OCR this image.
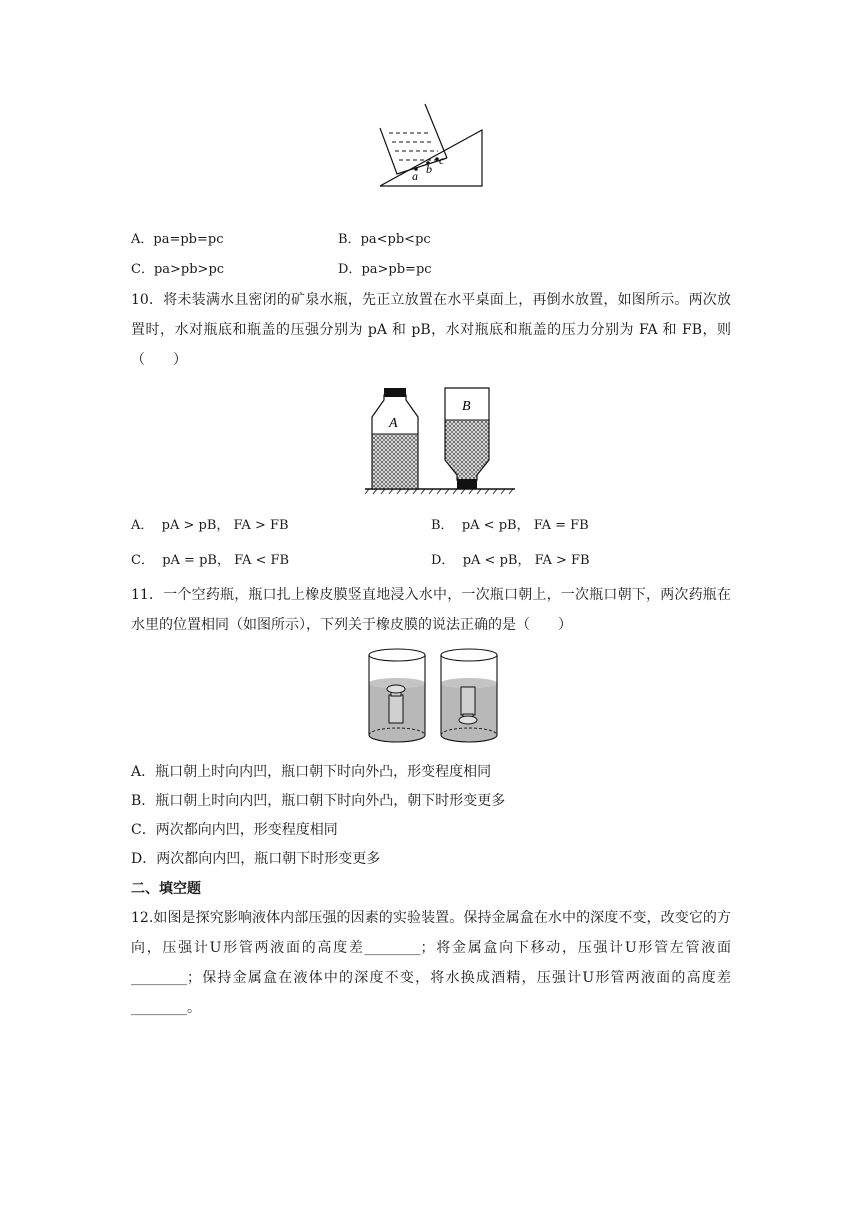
a b
c
A．pa=pb=pc	B．pa<pb<pc
C．pa>pb>pc	D．pa>pb=pc
10．将未装满水且密闭的矿泉水瓶，先正立放置在水平桌面上，再倒水放置，如图所示。两次放置时，水对瓶底和瓶盖的压强分别为 pA 和 pB，水对瓶底和瓶盖的压力分别为 FA 和 FB，则（　　）
A
B
A． pA > pB， FA > FB	B． pA < pB， FA = FB
C． pA = pB， FA < FB	D． pA < pB， FA > FB
11．一个空药瓶，瓶口扎上橡皮膜竖直地浸入水中，一次瓶口朝上，一次瓶口朝下，两次药瓶在水里的位置相同（如图所示），下列关于橡皮膜的说法正确的是（　　）
A．瓶口朝上时向内凹，瓶口朝下时向外凸，形变程度相同
B．瓶口朝上时向内凹，瓶口朝下时向外凸，朝下时形变更多
C．两次都向内凹，形变程度相同
D．两次都向内凹，瓶口朝下时形变更多
二、填空题
12.如图是探究影响液体内部压强的因素的实验装置。保持金属盒在水中的深度不变，改变它的方向，压强计U形管两液面的高度差________；将金属盒向下移动，压强计U形管左管液面________；保持金属盒在液体中的深度不变，将水换成酒精，压强计U形管两液面的高度差________。
